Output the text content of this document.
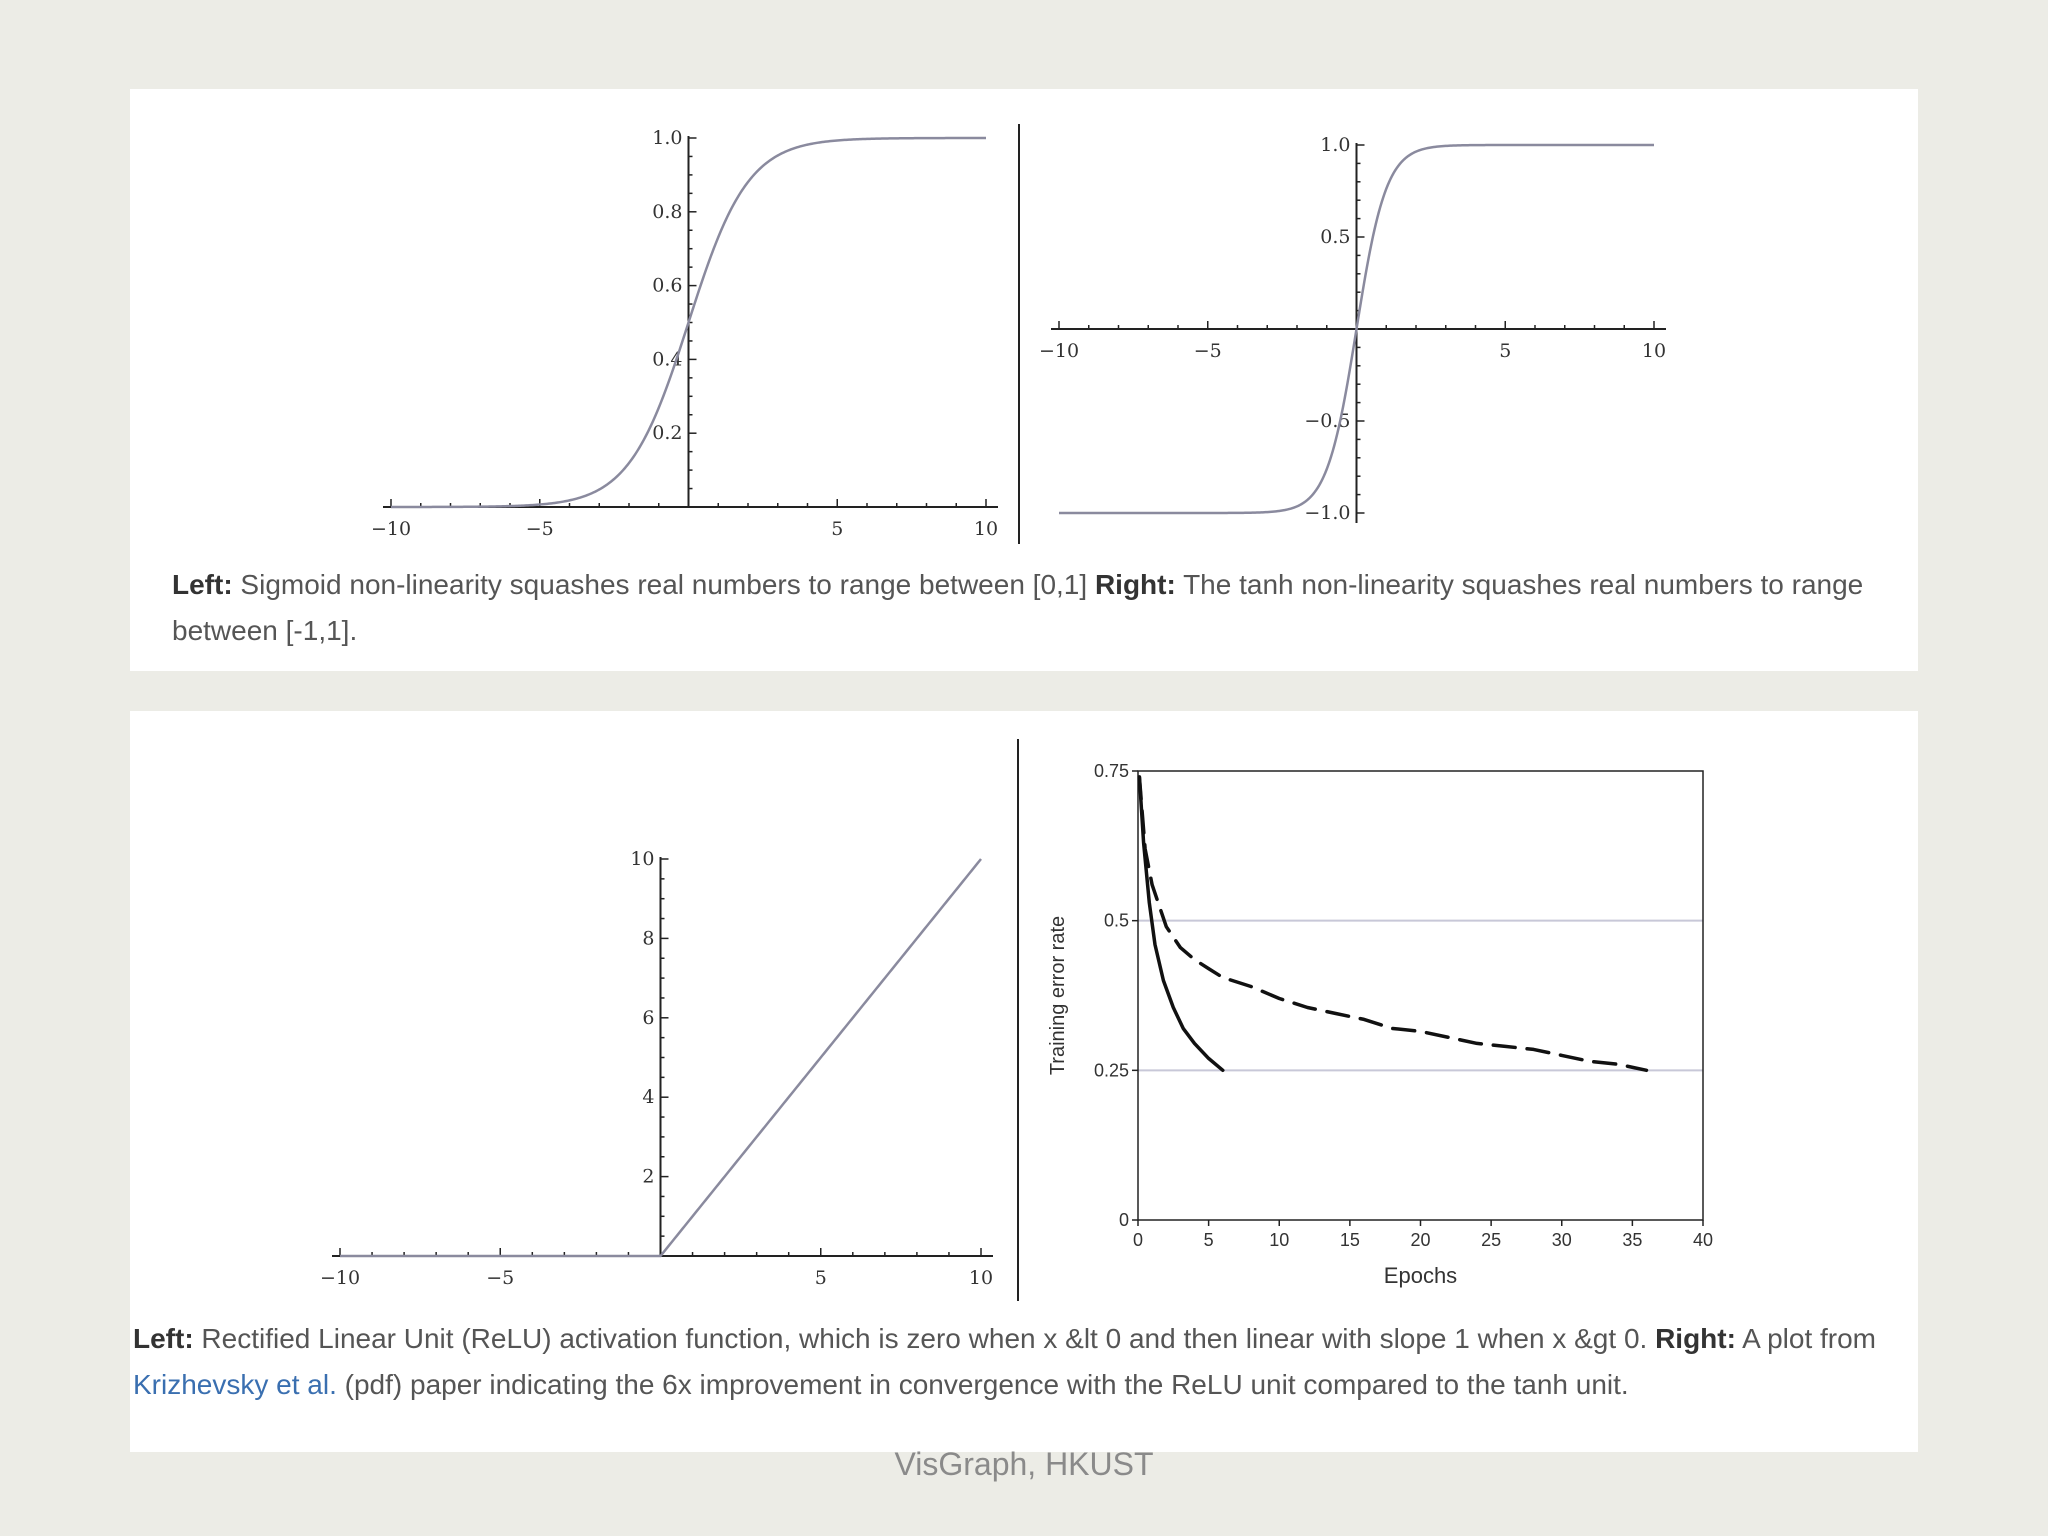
−10	−5	5	10
0.2
0.4
0.6
0.8
1.0
−10	−5	5	10
−1.0
−0.5
0.5
1.0
Left: Sigmoid non-linearity squashes real numbers to range between [0,1] Right: The tanh non-linearity squashes real numbers to range between [-1,1].
−10	−5	5	10
2
4
6
8
10
0	5	10	15	20	25	30	35	40
0
0.25
0.5
0.75
Epochs
Training error rate
Left: Rectified Linear Unit (ReLU) activation function, which is zero when x &lt 0 and then linear with slope 1 when x &gt 0. Right: A plot from Krizhevsky et al. (pdf) paper indicating the 6x improvement in convergence with the ReLU unit compared to the tanh unit.
VisGraph, HKUST
